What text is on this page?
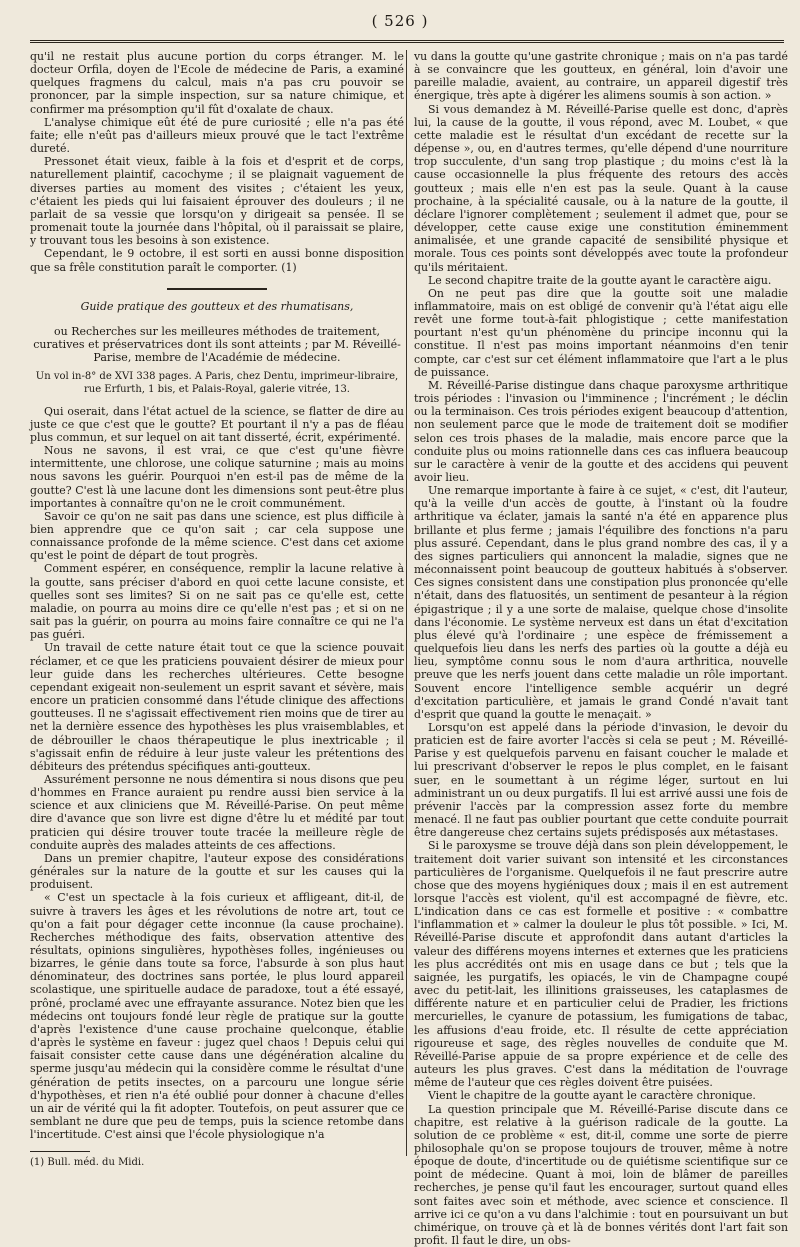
( 526 )

qu'il ne restait plus aucune portion du corps étranger. M. le docteur Orfila, doyen de l'Ecole de médecine de Paris, a examiné quelques fragmens du calcul, mais n'a pas cru pouvoir se prononcer, par la simple inspection, sur sa nature chimique, et confirmer ma présomption qu'il fût d'oxalate de chaux.

L'analyse chimique eût été de pure curiosité ; elle n'a pas été faite; elle n'eût pas d'ailleurs mieux prouvé que le tact l'extrême dureté.

Pressonet était vieux, faible à la fois et d'esprit et de corps, naturellement plaintif, cacochyme ; il se plaignait vaguement de diverses parties au moment des visites ; c'étaient les yeux, c'étaient les pieds qui lui faisaient éprouver des douleurs ; il ne parlait de sa vessie que lorsqu'on y dirigeait sa pensée. Il se promenait toute la journée dans l'hôpital, où il paraissait se plaire, y trouvant tous les besoins à son existence.

Cependant, le 9 octobre, il est sorti en aussi bonne disposition que sa frêle constitution paraît le comporter. (1)

Guide pratique des goutteux et des rhumatisans,

ou Recherches sur les meilleures méthodes de traitement, curatives et préservatrices dont ils sont atteints ; par M. Réveillé-Parise, membre de l'Académie de médecine.

Un vol in-8° de XVI 338 pages. A Paris, chez Dentu, imprimeur-libraire, rue Erfurth, 1 bis, et Palais-Royal, galerie vitrée, 13.

Qui oserait, dans l'état actuel de la science, se flatter de dire au juste ce que c'est que le goutte? Et pourtant il n'y a pas de fléau plus commun, et sur lequel on ait tant disserté, écrit, expérimenté.

Nous ne savons, il est vrai, ce que c'est qu'une fièvre intermittente, une chlorose, une colique saturnine ; mais au moins nous savons les guérir. Pourquoi n'en est-il pas de même de la goutte? C'est là une lacune dont les dimensions sont peut-être plus importantes à connaître qu'on ne le croit communément.

Savoir ce qu'on ne sait pas dans une science, est plus difficile à bien apprendre que ce qu'on sait ; car cela suppose une connaissance profonde de la même science. C'est dans cet axiome qu'est le point de départ de tout progrès.

Comment espérer, en conséquence, remplir la lacune relative à la goutte, sans préciser d'abord en quoi cette lacune consiste, et quelles sont ses limites? Si on ne sait pas ce qu'elle est, cette maladie, on pourra au moins dire ce qu'elle n'est pas ; et si on ne sait pas la guérir, on pourra au moins faire connaître ce qui ne l'a pas guéri.

Un travail de cette nature était tout ce que la science pouvait réclamer, et ce que les praticiens pouvaient désirer de mieux pour leur guide dans les recherches ultérieures. Cette besogne cependant exigeait non-seulement un esprit savant et sévère, mais encore un praticien consommé dans l'étude clinique des affections goutteuses. Il ne s'agissait effectivement rien moins que de tirer au net la dernière essence des hypothèses les plus vraisemblables, et de débrouiller le chaos thérapeutique le plus inextricable ; il s'agissait enfin de réduire à leur juste valeur les prétentions des débiteurs des prétendus spécifiques anti-goutteux.

Assurément personne ne nous démentira si nous disons que peu d'hommes en France auraient pu rendre aussi bien service à la science et aux cliniciens que M. Réveillé-Parise. On peut même dire d'avance que son livre est digne d'être lu et médité par tout praticien qui désire trouver toute tracée la meilleure règle de conduite auprès des malades atteints de ces affections.

Dans un premier chapitre, l'auteur expose des considérations générales sur la nature de la goutte et sur les causes qui la produisent.

« C'est un spectacle à la fois curieux et affligeant, dit-il, de suivre à travers les âges et les révolutions de notre art, tout ce qu'on a fait pour dégager cette inconnue (la cause prochaine). Recherches méthodique des faits, observation attentive des résultats, opinions singulières, hypothèses folles, ingénieuses ou bizarres, le génie dans toute sa force, l'absurde à son plus haut dénominateur, des doctrines sans portée, le plus lourd appareil scolastique, une spirituelle audace de paradoxe, tout a été essayé, prôné, proclamé avec une effrayante assurance. Notez bien que les médecins ont toujours fondé leur règle de pratique sur la goutte d'après l'existence d'une cause prochaine quelconque, établie d'après le système en faveur : jugez quel chaos ! Depuis celui qui faisait consister cette cause dans une dégénération alcaline du sperme jusqu'au médecin qui la considère comme le résultat d'une génération de petits insectes, on a parcouru une longue série d'hypothèses, et rien n'a été oublié pour donner à chacune d'elles un air de vérité qui la fit adopter. Toutefois, on peut assurer que ce semblant ne dure que peu de temps, puis la science retombe dans l'incertitude. C'est ainsi que l'école physiologique n'a

(1) Bull. méd. du Midi.

vu dans la goutte qu'une gastrite chronique ; mais on n'a pas tardé à se convaincre que les goutteux, en général, loin d'avoir une pareille maladie, avaient, au contraire, un appareil digestif très énergique, très apte à digérer les alimens soumis à son action. »

Si vous demandez à M. Réveillé-Parise quelle est donc, d'après lui, la cause de la goutte, il vous répond, avec M. Loubet, « que cette maladie est le résultat d'un excédant de recette sur la dépense », ou, en d'autres termes, qu'elle dépend d'une nourriture trop succulente, d'un sang trop plastique ; du moins c'est là la cause occasionnelle la plus fréquente des retours des accès goutteux ; mais elle n'en est pas la seule. Quant à la cause prochaine, à la spécialité causale, ou à la nature de la goutte, il déclare l'ignorer complètement ; seulement il admet que, pour se développer, cette cause exige une constitution éminemment animalisée, et une grande capacité de sensibilité physique et morale. Tous ces points sont développés avec toute la profondeur qu'ils méritaient.

Le second chapitre traite de la goutte ayant le caractère aigu.

On ne peut pas dire que la goutte soit une maladie inflammatoire, mais on est obligé de convenir qu'à l'état aigu elle revêt une forme tout-à-fait phlogistique ; cette manifestation pourtant n'est qu'un phénomène du principe inconnu qui la constitue. Il n'est pas moins important néanmoins d'en tenir compte, car c'est sur cet élément inflammatoire que l'art a le plus de puissance.

M. Réveillé-Parise distingue dans chaque paroxysme arthritique trois périodes : l'invasion ou l'imminence ; l'incrément ; le déclin ou la terminaison. Ces trois périodes exigent beaucoup d'attention, non seulement parce que le mode de traitement doit se modifier selon ces trois phases de la maladie, mais encore parce que la conduite plus ou moins rationnelle dans ces cas influera beaucoup sur le caractère à venir de la goutte et des accidens qui peuvent avoir lieu.

Une remarque importante à faire à ce sujet, « c'est, dit l'auteur, qu'à la veille d'un accès de goutte, à l'instant où la foudre arthritique va éclater, jamais la santé n'a été en apparence plus brillante et plus ferme ; jamais l'équilibre des fonctions n'a paru plus assuré. Cependant, dans le plus grand nombre des cas, il y a des signes particuliers qui annoncent la maladie, signes que ne méconnaissent point beaucoup de goutteux habitués à s'observer. Ces signes consistent dans une constipation plus prononcée qu'elle n'était, dans des flatuosités, un sentiment de pesanteur à la région épigastrique ; il y a une sorte de malaise, quelque chose d'insolite dans l'économie. Le système nerveux est dans un état d'excitation plus élevé qu'à l'ordinaire ; une espèce de frémissement a quelquefois lieu dans les nerfs des parties où la goutte a déjà eu lieu, symptôme connu sous le nom d'aura arthritica, nouvelle preuve que les nerfs jouent dans cette maladie un rôle important. Souvent encore l'intelligence semble acquérir un degré d'excitation particulière, et jamais le grand Condé n'avait tant d'esprit que quand la goutte le menaçait. »

Lorsqu'on est appelé dans la période d'invasion, le devoir du praticien est de faire avorter l'accès si cela se peut ; M. Réveillé-Parise y est quelquefois parvenu en faisant coucher le malade et lui prescrivant d'observer le repos le plus complet, en le faisant suer, en le soumettant à un régime léger, surtout en lui administrant un ou deux purgatifs. Il lui est arrivé aussi une fois de prévenir l'accès par la compression assez forte du membre menacé. Il ne faut pas oublier pourtant que cette conduite pourrait être dangereuse chez certains sujets prédisposés aux métastases.

Si le paroxysme se trouve déjà dans son plein développement, le traitement doit varier suivant son intensité et les circonstances particulières de l'organisme. Quelquefois il ne faut prescrire autre chose que des moyens hygiéniques doux ; mais il en est autrement lorsque l'accès est violent, qu'il est accompagné de fièvre, etc. L'indication dans ce cas est formelle et positive : « combattre l'inflammation et » calmer la douleur le plus tôt possible. » Ici, M. Réveillé-Parise discute et approfondit dans autant d'articles la valeur des différens moyens internes et externes que les praticiens les plus accrédités ont mis en usage dans ce but ; tels que la saignée, les purgatifs, les opiacés, le vin de Champagne coupé avec du petit-lait, les illinitions graisseuses, les cataplasmes de différente nature et en particulier celui de Pradier, les frictions mercurielles, le cyanure de potassium, les fumigations de tabac, les affusions d'eau froide, etc. Il résulte de cette appréciation rigoureuse et sage, des règles nouvelles de conduite que M. Réveillé-Parise appuie de sa propre expérience et de celle des auteurs les plus graves. C'est dans la méditation de l'ouvrage même de l'auteur que ces règles doivent être puisées.

Vient le chapitre de la goutte ayant le caractère chronique.

La question principale que M. Réveillé-Parise discute dans ce chapitre, est relative à la guérison radicale de la goutte. La solution de ce problème « est, dit-il, comme une sorte de pierre philosophale qu'on se propose toujours de trouver, même à notre époque de doute, d'incertitude ou de quiétisme scientifique sur ce point de médecine. Quant à moi, loin de blâmer de pareilles recherches, je pense qu'il faut les encourager, surtout quand elles sont faites avec soin et méthode, avec science et conscience. Il arrive ici ce qu'on a vu dans l'alchimie : tout en poursuivant un but chimérique, on trouve çà et là de bonnes vérités dont l'art fait son profit. Il faut le dire, un obs-
